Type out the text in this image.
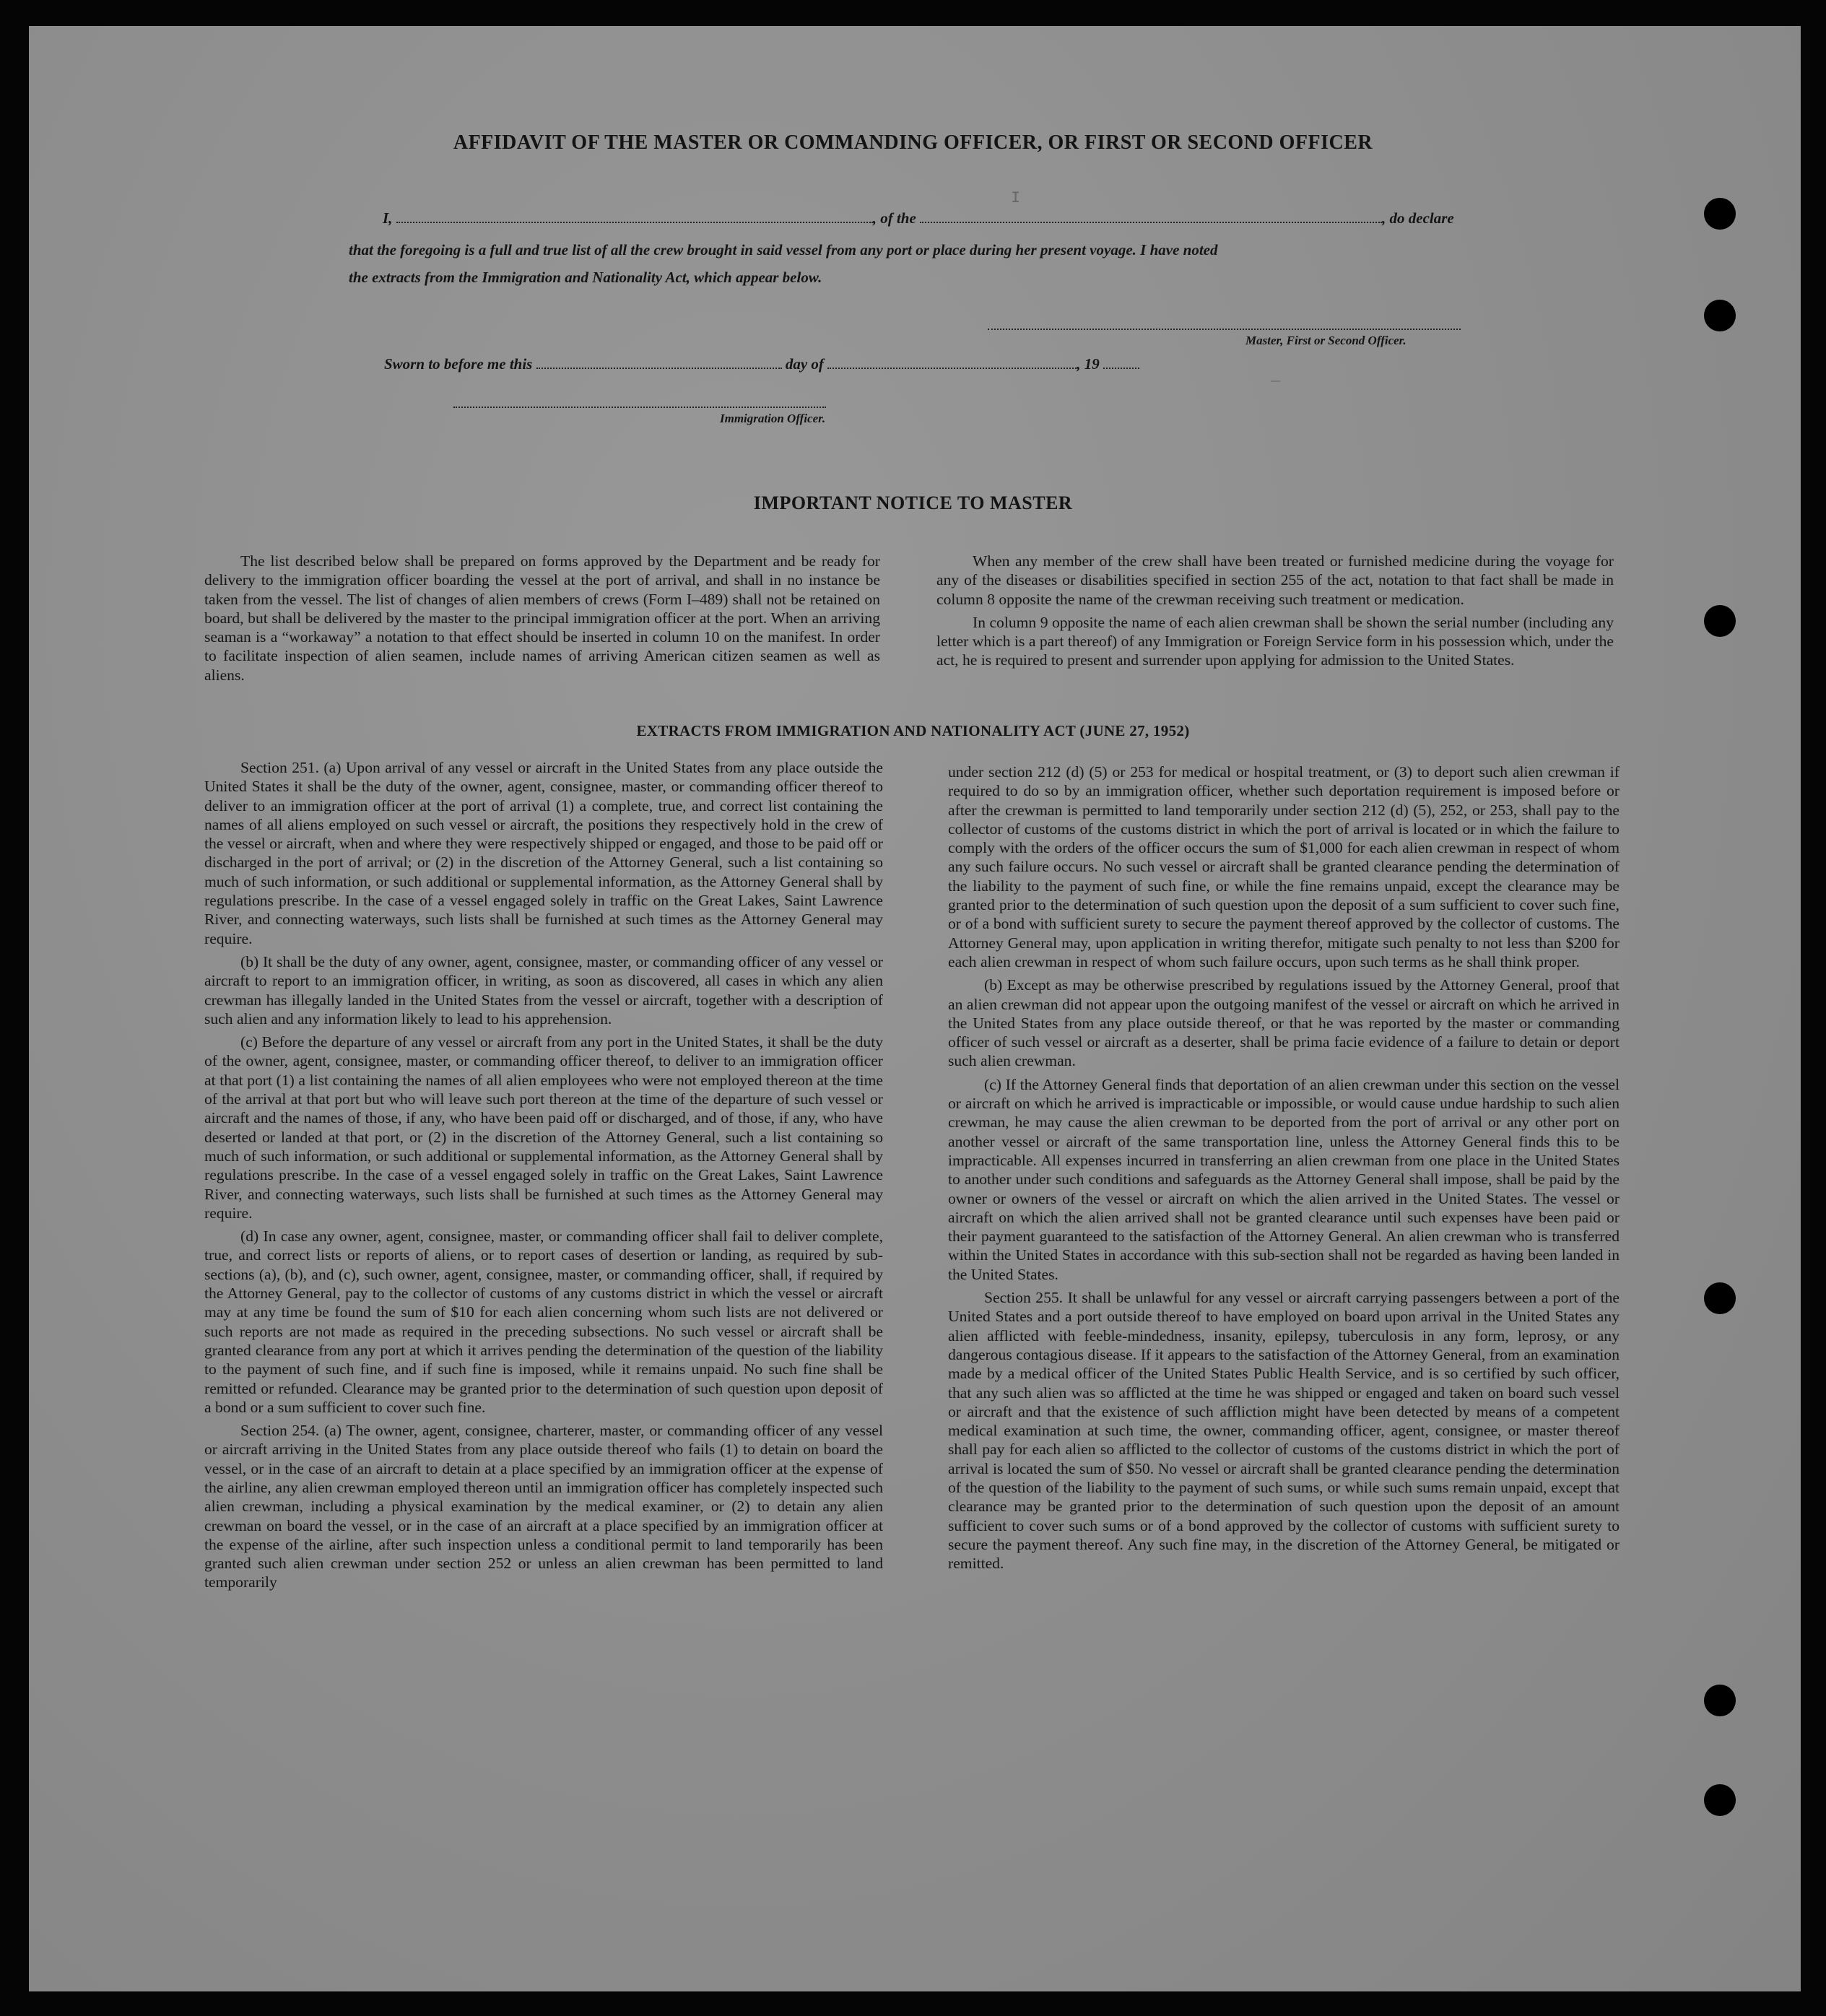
AFFIDAVIT OF THE MASTER OR COMMANDING OFFICER, OR FIRST OR SECOND OFFICER
I,	, of the	, do declare
that the foregoing is a full and true list of all the crew brought in said vessel from any port or place during her present voyage. I have noted
the extracts from the Immigration and Nationality Act, which appear below.
Master, First or Second Officer.
Sworn to before me this	day of	, 19
Immigration Officer.
_
I
IMPORTANT NOTICE TO MASTER

The list described below shall be prepared on forms approved by the Department and be ready for delivery to the immigration officer boarding the vessel at the port of arrival, and shall in no instance be taken from the vessel. The list of changes of alien members of crews (Form I–489) shall not be retained on board, but shall be delivered by the master to the principal immigration officer at the port. When an arriving seaman is a “workaway” a notation to that effect should be inserted in column 10 on the manifest. In order to facilitate inspection of alien seamen, include names of arriving American citizen seamen as well as aliens.

When any member of the crew shall have been treated or furnished medicine during the voyage for any of the diseases or disabilities specified in section 255 of the act, notation to that fact shall be made in column 8 opposite the name of the crewman receiving such treatment or medication.

In column 9 opposite the name of each alien crewman shall be shown the serial number (including any letter which is a part thereof) of any Immigration or Foreign Service form in his possession which, under the act, he is required to present and surrender upon applying for admission to the United States.

EXTRACTS FROM IMMIGRATION AND NATIONALITY ACT (JUNE 27, 1952)

Section 251. (a) Upon arrival of any vessel or aircraft in the United States from any place outside the United States it shall be the duty of the owner, agent, consignee, master, or commanding officer thereof to deliver to an immigration officer at the port of arrival (1) a complete, true, and correct list containing the names of all aliens employed on such vessel or aircraft, the positions they respectively hold in the crew of the vessel or aircraft, when and where they were respectively shipped or engaged, and those to be paid off or discharged in the port of arrival; or (2) in the discretion of the Attorney General, such a list containing so much of such information, or such additional or supplemental information, as the Attorney General shall by regulations prescribe. In the case of a vessel engaged solely in traffic on the Great Lakes, Saint Lawrence River, and connecting waterways, such lists shall be furnished at such times as the Attorney General may require.

(b) It shall be the duty of any owner, agent, consignee, master, or commanding officer of any vessel or aircraft to report to an immigration officer, in writing, as soon as discovered, all cases in which any alien crewman has illegally landed in the United States from the vessel or aircraft, together with a description of such alien and any information likely to lead to his apprehension.

(c) Before the departure of any vessel or aircraft from any port in the United States, it shall be the duty of the owner, agent, consignee, master, or commanding officer thereof, to deliver to an immigration officer at that port (1) a list containing the names of all alien employees who were not employed thereon at the time of the arrival at that port but who will leave such port thereon at the time of the departure of such vessel or aircraft and the names of those, if any, who have been paid off or discharged, and of those, if any, who have deserted or landed at that port, or (2) in the discretion of the Attorney General, such a list containing so much of such information, or such additional or supplemental information, as the Attorney General shall by regulations prescribe. In the case of a vessel engaged solely in traffic on the Great Lakes, Saint Lawrence River, and connecting waterways, such lists shall be furnished at such times as the Attorney General may require.

(d) In case any owner, agent, consignee, master, or commanding officer shall fail to deliver complete, true, and correct lists or reports of aliens, or to report cases of desertion or landing, as required by sub-sections (a), (b), and (c), such owner, agent, consignee, master, or commanding officer, shall, if required by the Attorney General, pay to the collector of customs of any customs district in which the vessel or aircraft may at any time be found the sum of $10 for each alien concerning whom such lists are not delivered or such reports are not made as required in the preceding subsections. No such vessel or aircraft shall be granted clearance from any port at which it arrives pending the determination of the question of the liability to the payment of such fine, and if such fine is imposed, while it remains unpaid. No such fine shall be remitted or refunded. Clearance may be granted prior to the determination of such question upon deposit of a bond or a sum sufficient to cover such fine.

Section 254. (a) The owner, agent, consignee, charterer, master, or commanding officer of any vessel or aircraft arriving in the United States from any place outside thereof who fails (1) to detain on board the vessel, or in the case of an aircraft to detain at a place specified by an immigration officer at the expense of the airline, any alien crewman employed thereon until an immigration officer has completely inspected such alien crewman, including a physical examination by the medical examiner, or (2) to detain any alien crewman on board the vessel, or in the case of an aircraft at a place specified by an immigration officer at the expense of the airline, after such inspection unless a conditional permit to land temporarily has been granted such alien crewman under section 252 or unless an alien crewman has been permitted to land temporarily

under section 212 (d) (5) or 253 for medical or hospital treatment, or (3) to deport such alien crewman if required to do so by an immigration officer, whether such deportation requirement is imposed before or after the crewman is permitted to land temporarily under section 212 (d) (5), 252, or 253, shall pay to the collector of customs of the customs district in which the port of arrival is located or in which the failure to comply with the orders of the officer occurs the sum of $1,000 for each alien crewman in respect of whom any such failure occurs. No such vessel or aircraft shall be granted clearance pending the determination of the liability to the payment of such fine, or while the fine remains unpaid, except the clearance may be granted prior to the determination of such question upon the deposit of a sum sufficient to cover such fine, or of a bond with sufficient surety to secure the payment thereof approved by the collector of customs. The Attorney General may, upon application in writing therefor, mitigate such penalty to not less than $200 for each alien crewman in respect of whom such failure occurs, upon such terms as he shall think proper.

(b) Except as may be otherwise prescribed by regulations issued by the Attorney General, proof that an alien crewman did not appear upon the outgoing manifest of the vessel or aircraft on which he arrived in the United States from any place outside thereof, or that he was reported by the master or commanding officer of such vessel or aircraft as a deserter, shall be prima facie evidence of a failure to detain or deport such alien crewman.

(c) If the Attorney General finds that deportation of an alien crewman under this section on the vessel or aircraft on which he arrived is impracticable or impossible, or would cause undue hardship to such alien crewman, he may cause the alien crewman to be deported from the port of arrival or any other port on another vessel or aircraft of the same transportation line, unless the Attorney General finds this to be impracticable. All expenses incurred in transferring an alien crewman from one place in the United States to another under such conditions and safeguards as the Attorney General shall impose, shall be paid by the owner or owners of the vessel or aircraft on which the alien arrived in the United States. The vessel or aircraft on which the alien arrived shall not be granted clearance until such expenses have been paid or their payment guaranteed to the satisfaction of the Attorney General. An alien crewman who is transferred within the United States in accordance with this sub-section shall not be regarded as having been landed in the United States.

Section 255. It shall be unlawful for any vessel or aircraft carrying passengers between a port of the United States and a port outside thereof to have employed on board upon arrival in the United States any alien afflicted with feeble-mindedness, insanity, epilepsy, tuberculosis in any form, leprosy, or any dangerous contagious disease. If it appears to the satisfaction of the Attorney General, from an examination made by a medical officer of the United States Public Health Service, and is so certified by such officer, that any such alien was so afflicted at the time he was shipped or engaged and taken on board such vessel or aircraft and that the existence of such affliction might have been detected by means of a competent medical examination at such time, the owner, commanding officer, agent, consignee, or master thereof shall pay for each alien so afflicted to the collector of customs of the customs district in which the port of arrival is located the sum of $50. No vessel or aircraft shall be granted clearance pending the determination of the question of the liability to the payment of such sums, or while such sums remain unpaid, except that clearance may be granted prior to the determination of such question upon the deposit of an amount sufficient to cover such sums or of a bond approved by the collector of customs with sufficient surety to secure the payment thereof. Any such fine may, in the discretion of the Attorney General, be mitigated or remitted.
